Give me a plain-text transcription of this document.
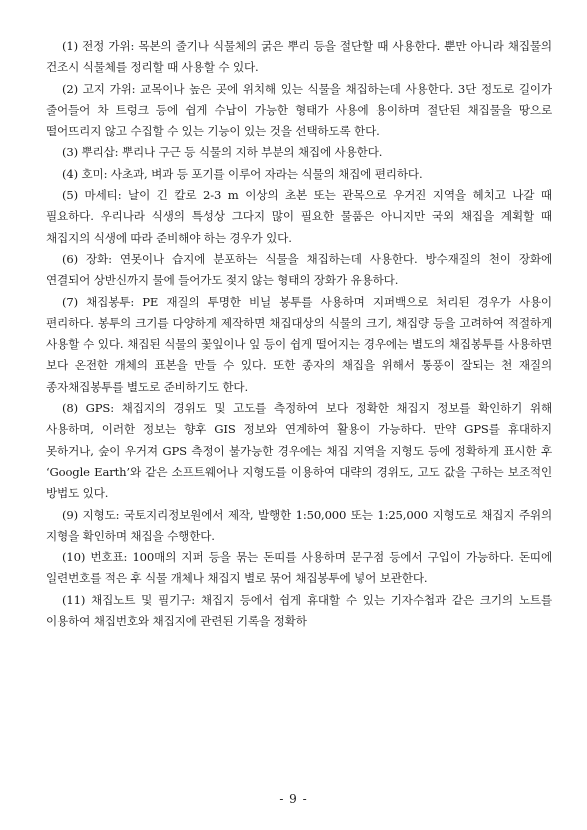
(1) 전정 가위: 목본의 줄기나 식물체의 굵은 뿌리 등을 절단할 때 사용한다. 뿐만 아니라 채집물의 건조시 식물체를 정리할 때 사용할 수 있다.

(2) 고지 가위: 교목이나 높은 곳에 위치해 있는 식물을 채집하는데 사용한다. 3단 정도로 길이가 줄어들어 차 트렁크 등에 쉽게 수납이 가능한 형태가 사용에 용이하며 절단된 채집물을 땅으로 떨어뜨리지 않고 수집할 수 있는 기능이 있는 것을 선택하도록 한다.

(3) 뿌리삽: 뿌리나 구근 등 식물의 지하 부분의 채집에 사용한다.

(4) 호미: 사초과, 벼과 등 포기를 이루어 자라는 식물의 채집에 편리하다.

(5) 마세티: 날이 긴 칼로 2-3 m 이상의 초본 또는 관목으로 우거진 지역을 헤치고 나갈 때 필요하다. 우리나라 식생의 특성상 그다지 많이 필요한 물품은 아니지만 국외 채집을 계획할 때 채집지의 식생에 따라 준비해야 하는 경우가 있다.

(6) 장화: 연못이나 습지에 분포하는 식물을 채집하는데 사용한다. 방수재질의 천이 장화에 연결되어 상반신까지 물에 들어가도 젖지 않는 형태의 장화가 유용하다.

(7) 채집봉투: PE 재질의 투명한 비닐 봉투를 사용하며 지퍼백으로 처리된 경우가 사용이 편리하다. 봉투의 크기를 다양하게 제작하면 채집대상의 식물의 크기, 채집량 등을 고려하여 적절하게 사용할 수 있다. 채집된 식물의 꽃잎이나 잎 등이 쉽게 떨어지는 경우에는 별도의 채집봉투를 사용하면 보다 온전한 개체의 표본을 만들 수 있다. 또한 종자의 채집을 위해서 통풍이 잘되는 천 재질의 종자채집봉투를 별도로 준비하기도 한다.

(8) GPS: 채집지의 경위도 및 고도를 측정하여 보다 정확한 채집지 정보를 확인하기 위해 사용하며, 이러한 정보는 향후 GIS 정보와 연계하여 활용이 가능하다. 만약 GPS를 휴대하지 못하거나, 숲이 우거져 GPS 측정이 불가능한 경우에는 채집 지역을 지형도 등에 정확하게 표시한 후 ‘Google Earth’와 같은 소프트웨어나 지형도를 이용하여 대략의 경위도, 고도 값을 구하는 보조적인 방법도 있다.

(9) 지형도: 국토지리정보원에서 제작, 발행한 1:50,000 또는 1:25,000 지형도로 채집지 주위의 지형을 확인하며 채집을 수행한다.

(10) 번호표: 100매의 지퍼 등을 묶는 돈띠를 사용하며 문구점 등에서 구입이 가능하다. 돈띠에 일련번호를 적은 후 식물 개체나 채집지 별로 묶어 채집봉투에 넣어 보관한다.

(11) 채집노트 및 필기구: 채집지 등에서 쉽게 휴대할 수 있는 기자수첩과 같은 크기의 노트를 이용하여 채집번호와 채집지에 관련된 기록을 정확하

- 9 -
